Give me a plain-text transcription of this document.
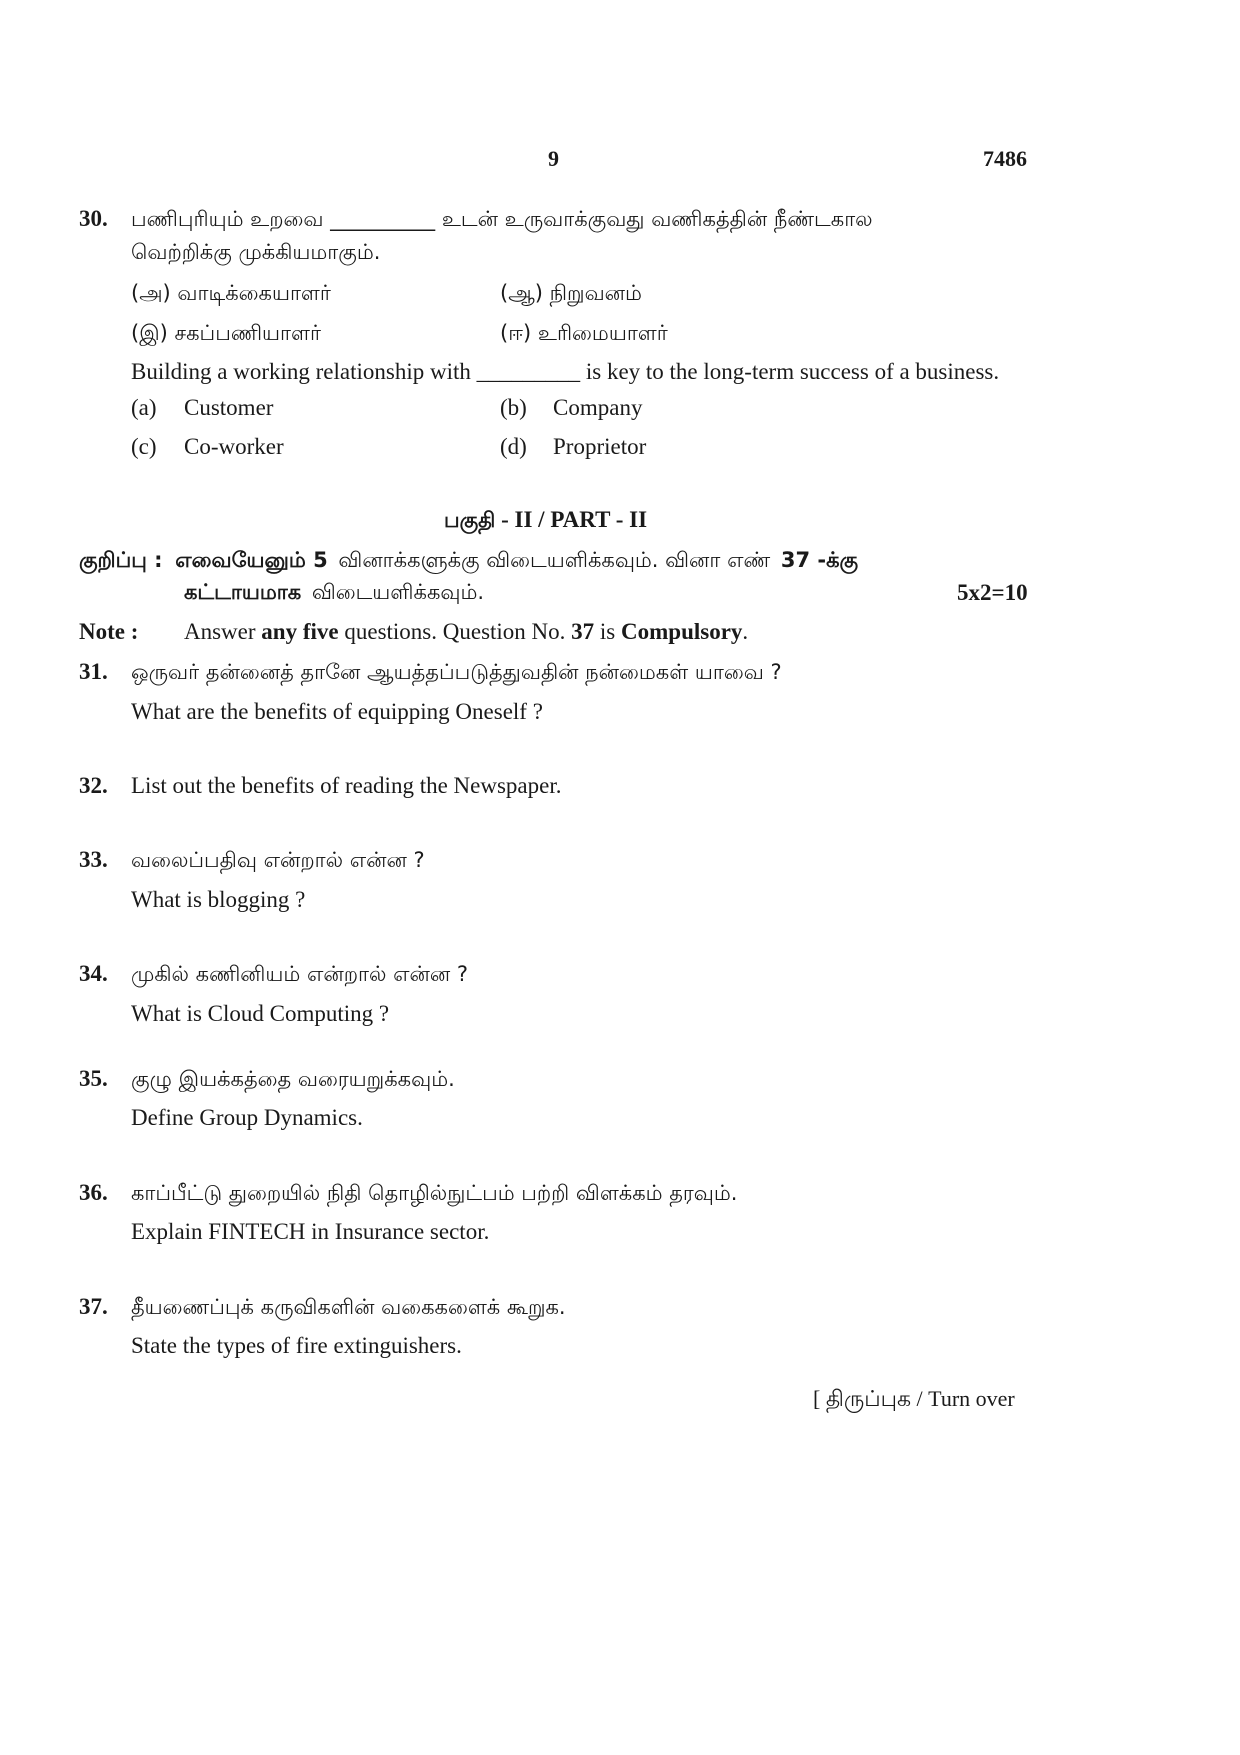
9	7486
30. பணிபுரியும் உறவை __________ உடன் உருவாக்குவது வணிகத்தின் நீண்டகால
வெற்றிக்கு முக்கியமாகும்.
(அ) வாடிக்கையாளர்	(ஆ) நிறுவனம்
(இ) சகப்பணியாளர்	(ஈ) உரிமையாளர்
Building a working relationship with _________ is key to the long-term success of a business.
(a) Customer	(b) Company
(c) Co-worker	(d) Proprietor
பகுதி - II / PART - II
குறிப்பு : எவையேனும் 5 வினாக்களுக்கு விடையளிக்கவும். வினா எண் 37 -க்கு
கட்டாயமாக விடையளிக்கவும்.	5x2=10
Note : Answer any five questions. Question No. 37 is Compulsory.
31. ஒருவர் தன்னைத் தானே ஆயத்தப்படுத்துவதின் நன்மைகள் யாவை ?
What are the benefits of equipping Oneself ?
32. List out the benefits of reading the Newspaper.
33. வலைப்பதிவு என்றால் என்ன ?
What is blogging ?
34. முகில் கணினியம் என்றால் என்ன ?
What is Cloud Computing ?
35. குழு இயக்கத்தை வரையறுக்கவும்.
Define Group Dynamics.
36. காப்பீட்டு துறையில் நிதி தொழில்நுட்பம் பற்றி விளக்கம் தரவும்.
Explain FINTECH in Insurance sector.
37. தீயணைப்புக் கருவிகளின் வகைகளைக் கூறுக.
State the types of fire extinguishers.
[ திருப்புக / Turn over
